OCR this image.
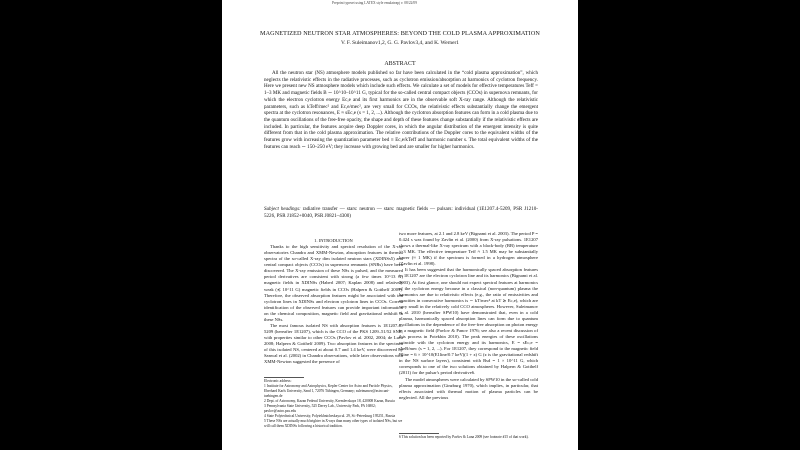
Preprint typeset using LATEX style emulateapj v. 08/22/09
MAGNETIZED NEUTRON STAR ATMOSPHERES: BEYOND THE COLD PLASMA APPROXIMATION
V. F. Suleimanov1,2, G. G. Pavlov3,4, and K. Werner1
ABSTRACT

All the neutron star (NS) atmosphere models published so far have been calculated in the “cold plasma approximation”, which neglects the relativistic effects in the radiative processes, such as cyclotron emission/absorption at harmonics of cyclotron frequency. Here we present new NS atmosphere models which include such effects. We calculate a set of models for effective temperatures Teff = 1–3 MK and magnetic fields B ∼ 10^10–10^11 G, typical for the so-called central compact objects (CCOs) in supernova remnants, for which the electron cyclotron energy Ec,e and its first harmonics are in the observable soft X-ray range. Although the relativistic parameters, such as kTeff/mec² and Ec,e/mec², are very small for CCOs, the relativistic effects substantially change the emergent spectra at the cyclotron resonances, E ≈ sEc,e (s = 1, 2, ...). Although the cyclotron absorption features can form in a cold plasma due to the quantum oscillations of the free-free opacity, the shape and depth of these features change substantially if the relativistic effects are included. In particular, the features acquire deep Doppler cores, in which the angular distribution of the emergent intensity is quite different from that in the cold plasma approximation. The relative contributions of the Doppler cores to the equivalent widths of the features grow with increasing the quantization parameter bed ≡ Ec,e/kTeff and harmonic number s. The total equivalent widths of the features can reach ∼ 150–250 eV; they increase with growing bed and are smaller for higher harmonics.

Subject headings: radiative transfer — stars: neutron — stars: magnetic fields — pulsars: individual (1E1207.4-5209, PSR J1210-5226, PSR J1852+0040, PSR J0821–4300)

1. INTRODUCTION

Thanks to the high sensitivity and spectral resolution of the X-ray observatories Chandra and XMM-Newton, absorption features in thermal spectra of the so-called X-ray dim isolated neutron stars (XDINSs5) and central compact objects (CCOs) in supernova remnants (SNRs) have been discovered. The X-ray emission of these NSs is pulsed, and the measured period derivatives are consistent with strong (a few times 10^13 G) magnetic fields in XDINSs (Haberl 2007; Kaplan 2008) and relatively weak (≲ 10^11 G) magnetic fields in CCOs (Halpern & Gotthelf 2009). Therefore, the observed absorption features might be associated with ion cyclotron lines in XDINSs and electron cyclotron lines in CCOs. Correct identification of the observed features can provide important information on the chemical composition, magnetic field and gravitational redshift in these NSs.

The most famous isolated NS with absorption features is 1E1207.4–5209 (hereafter 1E1207), which is the CCO of the PKS 1209–51/52 SNR, with properties similar to other CCOs (Pavlov et al. 2002, 2004; de Luca 2008; Halpern & Gotthelf 2009). Two absorption features in the spectrum of this isolated NS, centered at about 0.7 and 1.4 keV, were discovered by Sanwal et al. (2002) in Chandra observations, while later observations with XMM-Newton suggested the presence of

Electronic address:

1 Institute for Astronomy and Astrophysics, Kepler Center for Astro and Particle Physics, Eberhard Karls University, Sand 1, 72076 Tübingen, Germany; suleimanov@astro.uni-tuebingen.de

2 Dept. of Astronomy, Kazan Federal University, Kremlevskaya 18, 420008 Kazan, Russia

3 Pennsylvania State University, 525 Davey Lab., University Park, PA 16802; pavlov@astro.psu.edu

4 State Polytechnical University, Polytekhnicheskaya ul. 29, St.-Petersburg 195251, Russia

5 These NSs are actually much brighter in X-rays than many other types of isolated NSs, but we will call them XDINSs following a historical tradition.

two more features, at 2.1 and 2.8 keV (Bignami et al. 2003). The period P = 0.424 s was found by Zavlin et al. (2000) from X-ray pulsations. 1E1207 shows a thermal-like X-ray spectrum with a black-body (BB) temperature ≈ 3 MK. The effective temperature Teff ≈ 1.5 MK may be substantially lower (≈ 1 MK) if the spectrum is formed in a hydrogen atmosphere (Zavlin et al. 1998).

It has been suggested that the harmonically spaced absorption features in 1E1207 are the electron cyclotron line and its harmonics (Bignami et al. 2003). At first glance, one should not expect spectral features at harmonics of the cyclotron energy because in a classical (non-quantum) plasma the harmonics are due to relativistic effects (e.g., the ratio of emissivities and opacities in consecutive harmonics is ∼ kT/mec² at kT ≳ Ec,e), which are very small in the relatively cold CCO atmospheres. However, Suleimanov et al. 2010 (hereafter SPW10) have demonstrated that, even in a cold plasma, harmonically spaced absorption lines can form due to quantum oscillations in the dependence of the free-free absorption on photon energy in a magnetic field (Pavlov & Panov 1976; see also a recent discussion of this process in Potekhin 2010). The peak energies of these oscillations coincide with the cyclotron energy and its harmonics, E = sEc,e = sħeB/mec (s = 1, 2, ...). For 1E1207, they correspond to the magnetic field Bline = 6 × 10^10(E1line/0.7 keV)(1 + z) G (z is the gravitational redshift in the NS surface layers), consistent with Bsd = 1 × 10^11 G, which corresponds to one of the two solutions obtained by Halpern & Gotthelf (2011) for the pulsar's period derivative6.

The model atmospheres were calculated by SPW10 in the so-called cold plasma approximation (Ginzburg 1970), which implies, in particular, that effects associated with thermal motion of plasma particles can be neglected. All the previous

6 This solution has been reported by Pavlov & Luna 2009 (see footnote #15 of that work).
